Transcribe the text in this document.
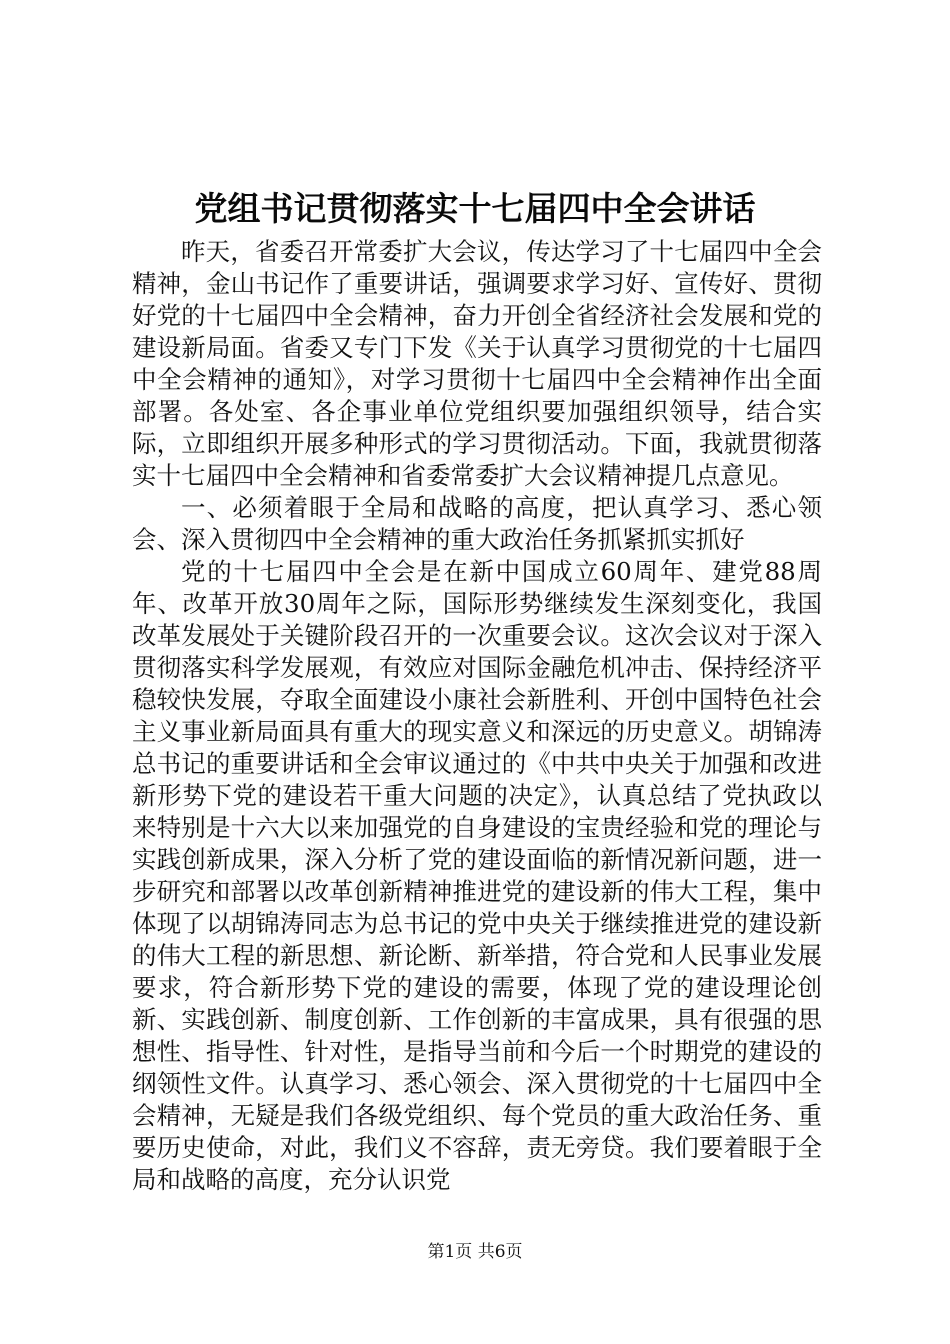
党组书记贯彻落实十七届四中全会讲话

昨天，省委召开常委扩大会议，传达学习了十七届四中全会精神，金山书记作了重要讲话，强调要求学习好、宣传好、贯彻好党的十七届四中全会精神，奋力开创全省经济社会发展和党的建设新局面。省委又专门下发《关于认真学习贯彻党的十七届四中全会精神的通知》，对学习贯彻十七届四中全会精神作出全面部署。各处室、各企事业单位党组织要加强组织领导，结合实际，立即组织开展多种形式的学习贯彻活动。下面，我就贯彻落实十七届四中全会精神和省委常委扩大会议精神提几点意见。

一、必须着眼于全局和战略的高度，把认真学习、悉心领会、深入贯彻四中全会精神的重大政治任务抓紧抓实抓好

党的十七届四中全会是在新中国成立60周年、建党88周年、改革开放30周年之际，国际形势继续发生深刻变化，我国改革发展处于关键阶段召开的一次重要会议。这次会议对于深入贯彻落实科学发展观，有效应对国际金融危机冲击、保持经济平稳较快发展，夺取全面建设小康社会新胜利、开创中国特色社会主义事业新局面具有重大的现实意义和深远的历史意义。胡锦涛总书记的重要讲话和全会审议通过的《中共中央关于加强和改进新形势下党的建设若干重大问题的决定》，认真总结了党执政以来特别是十六大以来加强党的自身建设的宝贵经验和党的理论与实践创新成果，深入分析了党的建设面临的新情况新问题，进一步研究和部署以改革创新精神推进党的建设新的伟大工程，集中体现了以胡锦涛同志为总书记的党中央关于继续推进党的建设新的伟大工程的新思想、新论断、新举措，符合党和人民事业发展要求，符合新形势下党的建设的需要，体现了党的建设理论创新、实践创新、制度创新、工作创新的丰富成果，具有很强的思想性、指导性、针对性，是指导当前和今后一个时期党的建设的纲领性文件。认真学习、悉心领会、深入贯彻党的十七届四中全会精神，无疑是我们各级党组织、每个党员的重大政治任务、重要历史使命，对此，我们义不容辞，责无旁贷。我们要着眼于全局和战略的高度，充分认识党

第1页 共6页
